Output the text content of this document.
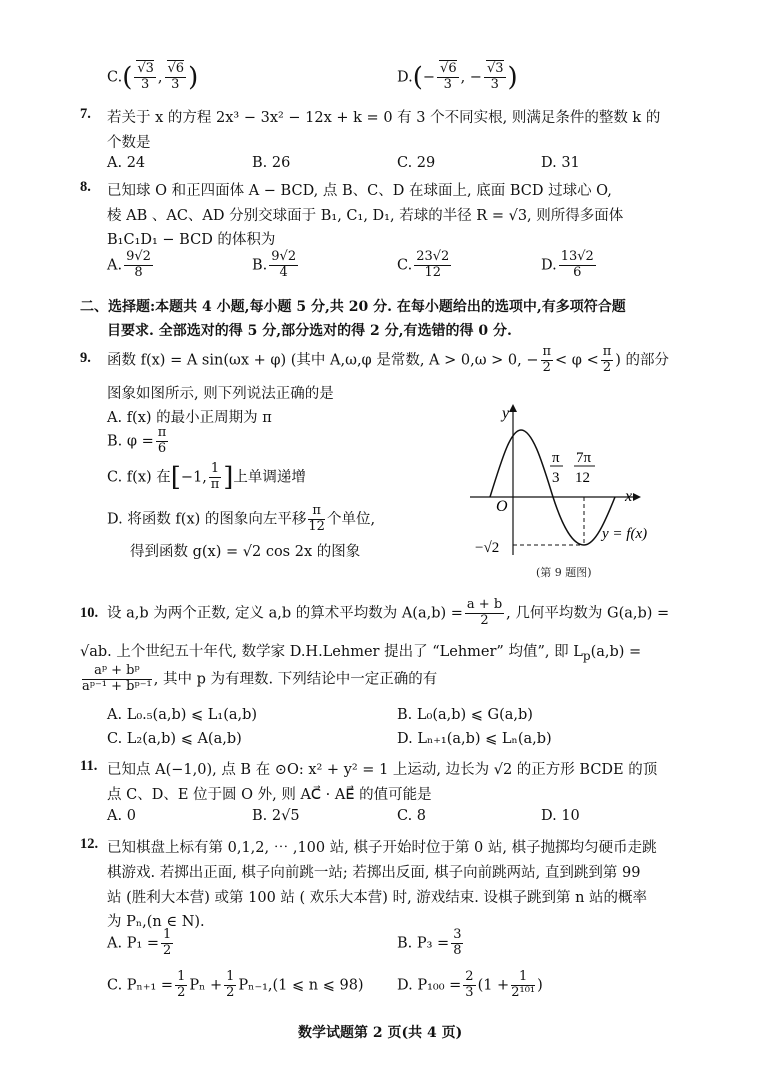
$C.( \frac{√3}{3}$ , $\frac{√6}{3}$ )	$D.(- \frac{√6}{3}$ , − $\frac{√3}{3}$ )
7. 若关于 x 的方程 2x³ − 3x² − 12x + k = 0 有 3 个不同实根, 则满足条件的整数 k 的
个数是
A. 24	B. 26	C. 29	D. 31
8. 已知球 O 和正四面体 A − BCD, 点 B、C、D 在球面上, 底面 BCD 过球心 O,
棱 AB 、AC、AD 分别交球面于 B₁, C₁, D₁, 若球的半径 R = √3, 则所得多面体
B₁C₁D₁ − BCD 的体积为
A. $\frac{9√2}{8}$	B. $\frac{9√2}{4}$	C. $\frac{23√2}{12}$	D. $\frac{13√2}{6}$
二、选择题:本题共 4 小题,每小题 5 分,共 20 分. 在每小题给出的选项中,有多项符合题
目要求. 全部选对的得 5 分,部分选对的得 2 分,有选错的得 0 分.
9. 函数 f(x) = A sin(ωx + φ) (其中 A,ω,φ 是常数, A > 0,ω > 0, − $\frac{\pi}{2} < \varphi < \frac{\pi}{2}$ ) 的部分
图象如图所示, 则下列说法正确的是
A. f(x) 的最小正周期为 π
B. $\varphi = \frac{\pi}{6}$
C. f(x) 在[−1, $\frac{1}{\pi}$ ]上单调递增
D. 将函数 f(x) 的图象向左平移 $\frac{\pi}{12}$ 个单位,
得到函数 g(x) = √2 cos 2x 的图象
y
x
O
π
3
7π
12
−√2
y = f(x)
(第 9 题图)
10. 设 a,b 为两个正数, 定义 a,b 的算术平均数为 $A(a,b) = \frac{a + b}{2}$ , 几何平均数为 G(a,b) =
√ab. 上个世纪五十年代, 数学家 D.H.Lehmer 提出了 “Lehmer” 均值”, 即 $L_p(a,b)$ =
$\frac{\text{aᵖ + bᵖ}}{\text{aᵖ⁻¹ + bᵖ⁻¹}}$ , 其中 p 为有理数. 下列结论中一定正确的有
A. L₀.₅(a,b) ⩽ L₁(a,b)	B. L₀(a,b) ⩽ G(a,b)
C. L₂(a,b) ⩽ A(a,b)	D. Lₙ₊₁(a,b) ⩽ Lₙ(a,b)
11. 已知点 A(−1,0), 点 B 在 ⊙O: x² + y² = 1 上运动, 边长为 √2 的正方形 BCDE 的顶
点 C、D、E 位于圆 O 外, 则 AC⃗ · AE⃗ 的值可能是
A. 0	B. 2√5	C. 8	D. 10
12. 已知棋盘上标有第 0,1,2, ⋯ ,100 站, 棋子开始时位于第 0 站, 棋子抛掷均匀硬币走跳
棋游戏. 若掷出正面, 棋子向前跳一站; 若掷出反面, 棋子向前跳两站, 直到跳到第 99
站 (胜利大本营) 或第 100 站 ( 欢乐大本营) 时, 游戏结束. 设棋子跳到第 n 站的概率
为 Pₙ,(n ∈ N).
A. $P_1 = \frac{1}{2}$	B. $P_3 = \frac{3}{8}$
C. $P_{n+1} = \frac{1}{2}$ $P_n + \frac{1}{2} P_{n-1},(1$ ⩽ n ⩽ 98) D. $P_{100} = \frac{2}{3} (1 + \frac{1}{\text{2¹⁰¹}}$ )
数学试题第 2 页(共 4 页)
